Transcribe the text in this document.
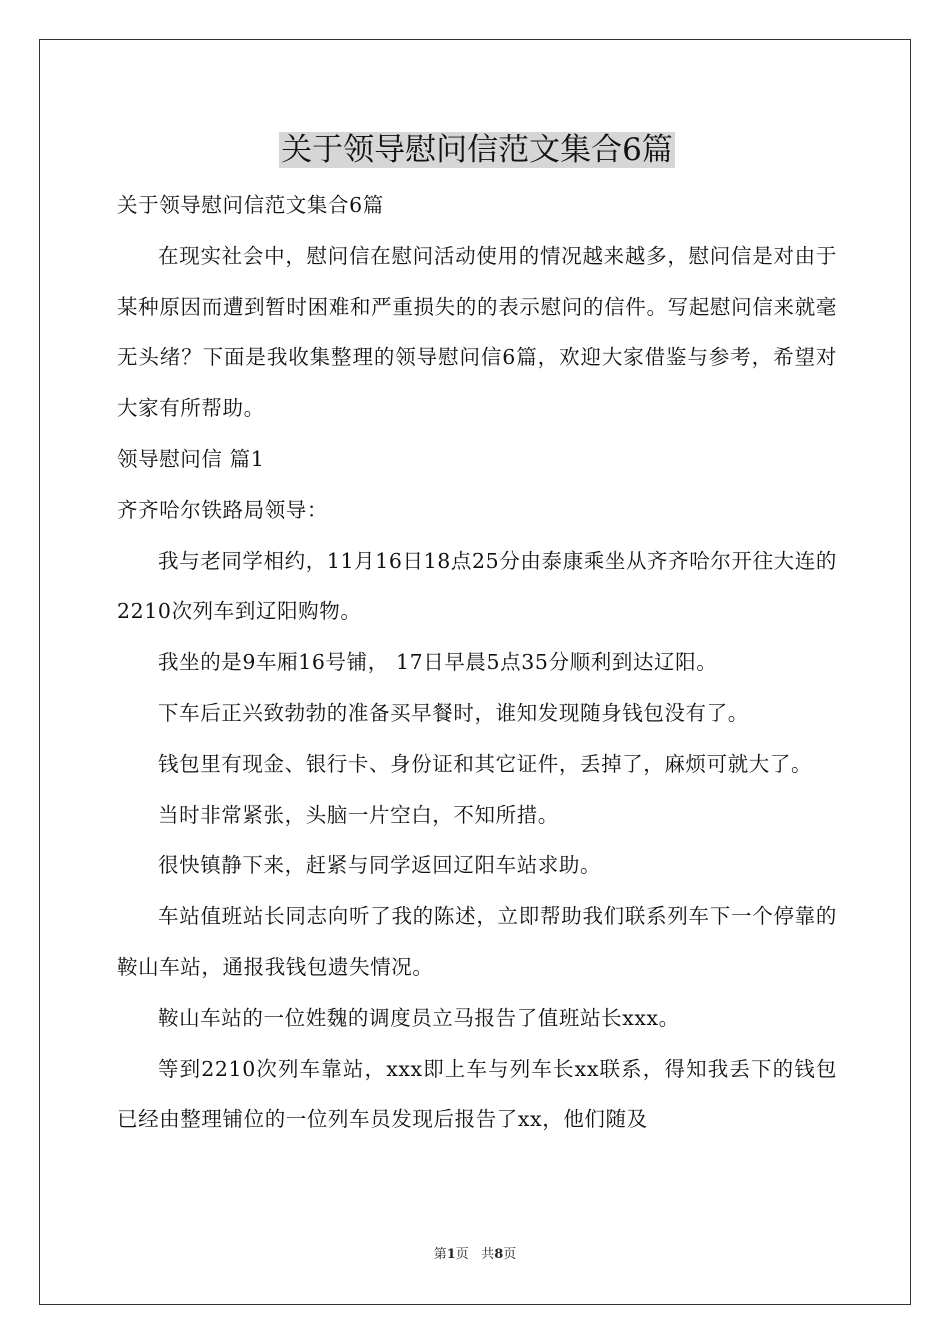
关于领导慰问信范文集合6篇

关于领导慰问信范文集合6篇

在现实社会中，慰问信在慰问活动使用的情况越来越多，慰问信是对由于某种原因而遭到暂时困难和严重损失的的表示慰问的信件。写起慰问信来就毫无头绪？下面是我收集整理的领导慰问信6篇，欢迎大家借鉴与参考，希望对大家有所帮助。

领导慰问信 篇1

齐齐哈尔铁路局领导：

我与老同学相约，11月16日18点25分由泰康乘坐从齐齐哈尔开往大连的2210次列车到辽阳购物。

我坐的是9车厢16号铺， 17日早晨5点35分顺利到达辽阳。

下车后正兴致勃勃的准备买早餐时，谁知发现随身钱包没有了。

钱包里有现金、银行卡、身份证和其它证件，丢掉了，麻烦可就大了。

当时非常紧张，头脑一片空白，不知所措。

很快镇静下来，赶紧与同学返回辽阳车站求助。

车站值班站长同志向听了我的陈述，立即帮助我们联系列车下一个停靠的鞍山车站，通报我钱包遗失情况。

鞍山车站的一位姓魏的调度员立马报告了值班站长xxx。

等到2210次列车靠站，xxx即上车与列车长xx联系，得知我丢下的钱包已经由整理铺位的一位列车员发现后报告了xx，他们随及

第1页 共8页
